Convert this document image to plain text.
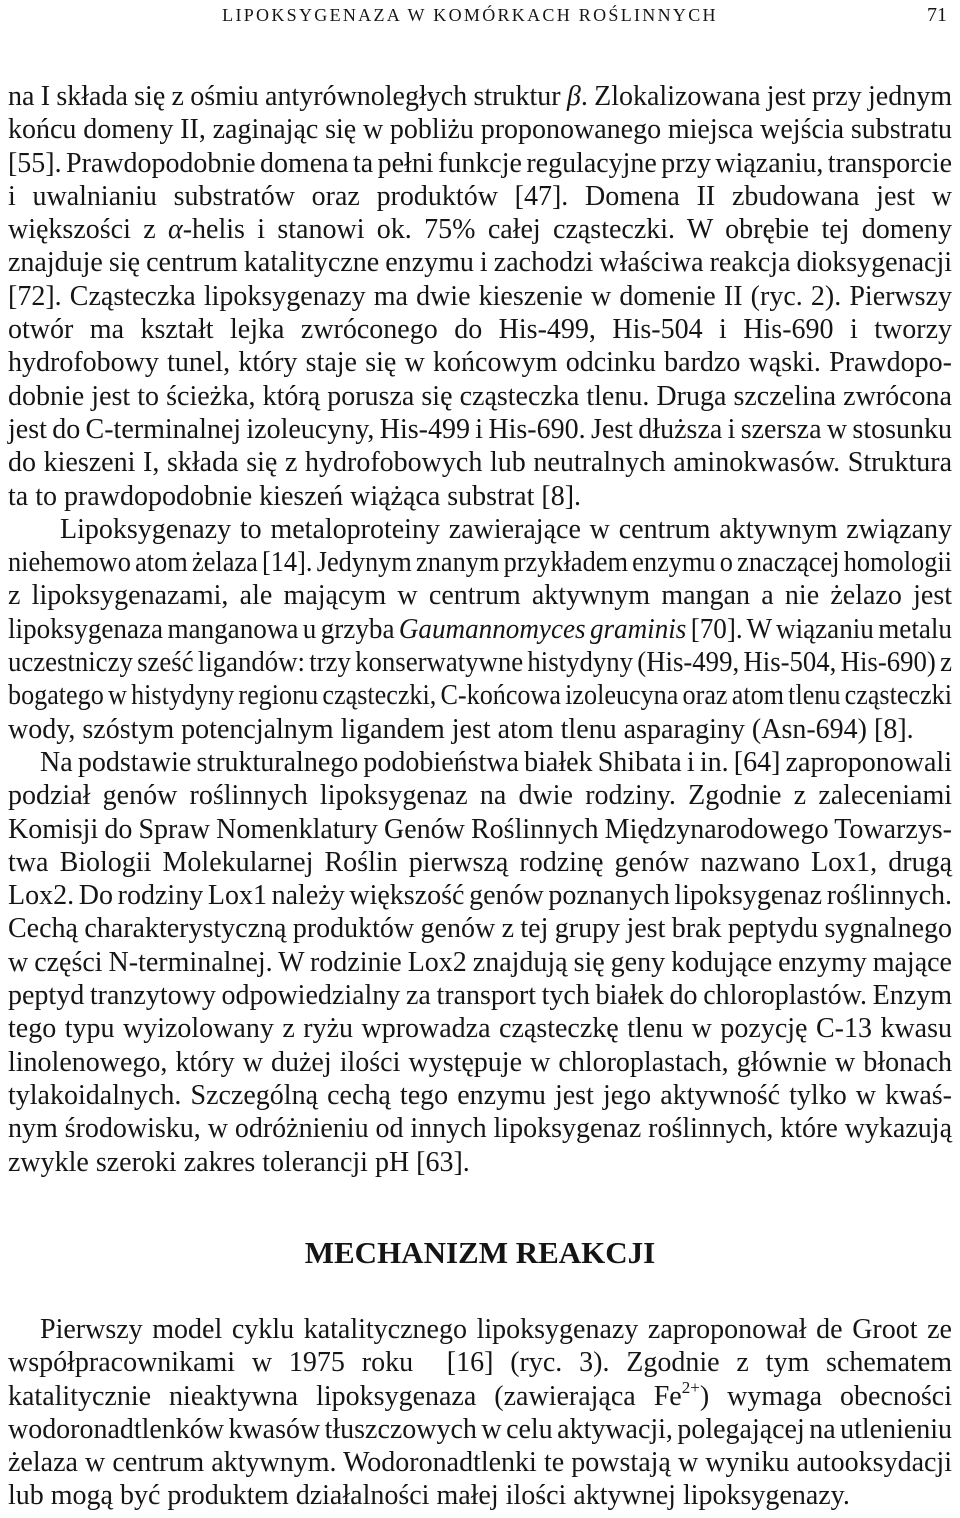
LIPOKSYGENAZA W KOMÓRKACH ROŚLINNYCH	71
na I składa się z ośmiu antyrównoległych struktur β. Zlokalizowana jest przy jednym
końcu domeny II, zaginając się w pobliżu proponowanego miejsca wejścia substratu
[55]. Prawdopodobnie domena ta pełni funkcje regulacyjne przy wiązaniu, transporcie
i uwalnianiu substratów oraz produktów [47]. Domena II zbudowana jest w
większości z α-helis i stanowi ok. 75% całej cząsteczki. W obrębie tej domeny
znajduje się centrum katalityczne enzymu i zachodzi właściwa reakcja dioksygenacji
[72]. Cząsteczka lipoksygenazy ma dwie kieszenie w domenie II (ryc. 2). Pierwszy
otwór ma kształt lejka zwróconego do His-499, His-504 i His-690 i tworzy
hydrofobowy tunel, który staje się w końcowym odcinku bardzo wąski. Prawdopo-
dobnie jest to ścieżka, którą porusza się cząsteczka tlenu. Druga szczelina zwrócona
jest do C-terminalnej izoleucyny, His-499 i His-690. Jest dłuższa i szersza w stosunku
do kieszeni I, składa się z hydrofobowych lub neutralnych aminokwasów. Struktura
ta to prawdopodobnie kieszeń wiążąca substrat [8].
Lipoksygenazy to metaloproteiny zawierające w centrum aktywnym związany
niehemowo atom żelaza [14]. Jedynym znanym przykładem enzymu o znaczącej homologii
z lipoksygenazami, ale mającym w centrum aktywnym mangan a nie żelazo jest
lipoksygenaza manganowa u grzyba Gaumannomyces graminis [70]. W wiązaniu metalu
uczestniczy sześć ligandów: trzy konserwatywne histydyny (His-499, His-504, His-690) z
bogatego w histydyny regionu cząsteczki, C-końcowa izoleucyna oraz atom tlenu cząsteczki
wody, szóstym potencjalnym ligandem jest atom tlenu asparaginy (Asn-694) [8].
Na podstawie strukturalnego podobieństwa białek Shibata i in. [64] zaproponowali
podział genów roślinnych lipoksygenaz na dwie rodziny. Zgodnie z zaleceniami
Komisji do Spraw Nomenklatury Genów Roślinnych Międzynarodowego Towarzys-
twa Biologii Molekularnej Roślin pierwszą rodzinę genów nazwano Lox1, drugą
Lox2. Do rodziny Lox1 należy większość genów poznanych lipoksygenaz roślinnych.
Cechą charakterystyczną produktów genów z tej grupy jest brak peptydu sygnalnego
w części N-terminalnej. W rodzinie Lox2 znajdują się geny kodujące enzymy mające
peptyd tranzytowy odpowiedzialny za transport tych białek do chloroplastów. Enzym
tego typu wyizolowany z ryżu wprowadza cząsteczkę tlenu w pozycję C-13 kwasu
linolenowego, który w dużej ilości występuje w chloroplastach, głównie w błonach
tylakoidalnych. Szczególną cechą tego enzymu jest jego aktywność tylko w kwaś-
nym środowisku, w odróżnieniu od innych lipoksygenaz roślinnych, które wykazują
zwykle szeroki zakres tolerancji pH [63].
MECHANIZM REAKCJI
Pierwszy model cyklu katalitycznego lipoksygenazy zaproponował de Groot ze
współpracownikami w 1975 roku  [16] (ryc. 3). Zgodnie z tym schematem
katalitycznie nieaktywna lipoksygenaza (zawierająca $Fe^{2+}$) wymaga obecności
wodoronadtlenków kwasów tłuszczowych w celu aktywacji, polegającej na utlenieniu
żelaza w centrum aktywnym. Wodoronadtlenki te powstają w wyniku autooksydacji
lub mogą być produktem działalności małej ilości aktywnej lipoksygenazy.
